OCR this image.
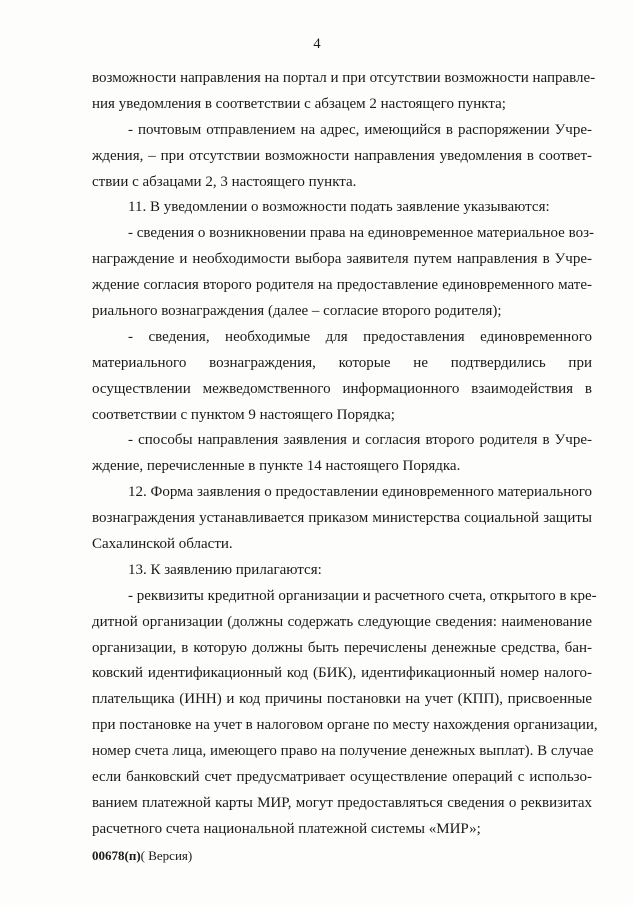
4
возможности направления на портал и при отсутствии возможности направле-
ния уведомления в соответствии с абзацем 2 настоящего пункта;
- почтовым отправлением на адрес, имеющийся в распоряжении Учре-
ждения, – при отсутствии возможности направления уведомления в соответ-
ствии с абзацами 2, 3 настоящего пункта.
11. В уведомлении о возможности подать заявление указываются:
- сведения о возникновении права на единовременное материальное воз-
награждение и необходимости выбора заявителя путем направления в Учре-
ждение согласия второго родителя на предоставление единовременного мате-
риального вознаграждения (далее – согласие второго родителя);
- сведения, необходимые для предоставления единовременного
материального вознаграждения, которые не подтвердились при
осуществлении межведомственного информационного взаимодействия в
соответствии с пунктом 9 настоящего Порядка;
- способы направления заявления и согласия второго родителя в Учре-
ждение, перечисленные в пункте 14 настоящего Порядка.
12. Форма заявления о предоставлении единовременного материального
вознаграждения устанавливается приказом министерства социальной защиты
Сахалинской области.
13. К заявлению прилагаются:
- реквизиты кредитной организации и расчетного счета, открытого в кре-
дитной организации (должны содержать следующие сведения: наименование
организации, в которую должны быть перечислены денежные средства, бан-
ковский идентификационный код (БИК), идентификационный номер налого-
плательщика (ИНН) и код причины постановки на учет (КПП), присвоенные
при постановке на учет в налоговом органе по месту нахождения организации,
номер счета лица, имеющего право на получение денежных выплат). В случае
если банковский счет предусматривает осуществление операций с использо-
ванием платежной карты МИР, могут предоставляться сведения о реквизитах
расчетного счета национальной платежной системы «МИР»;
00678(п)( Версия)
